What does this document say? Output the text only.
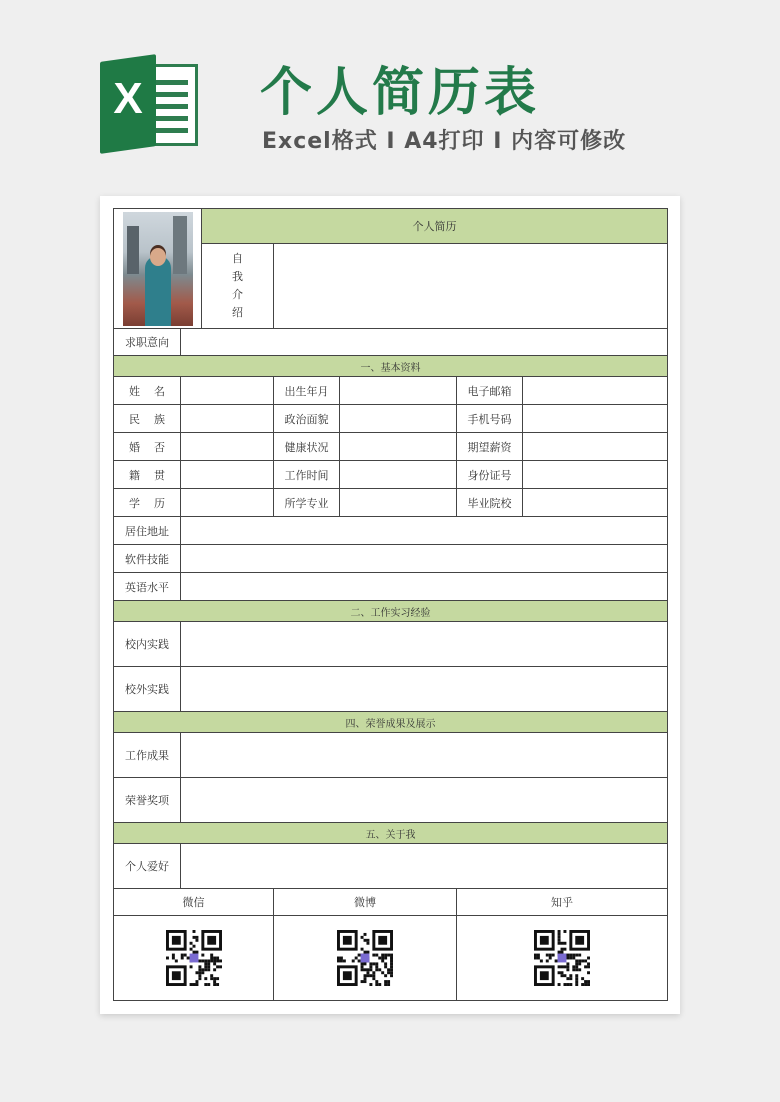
X 个人简历表
Excel格式 I A4打印 I 内容可修改
		个人简历				

		自我介绍				

求职意向						
一、基本资料						
姓名			出生年月		电子邮箱	
民族			政治面貌		手机号码	
婚否			健康状况		期望薪资	
籍贯			工作时间		身份证号	
学历			所学专业		毕业院校	
居住地址						
软件技能						
英语水平						
二、工作实习经验						
校内实践						
校外实践						
四、荣誉成果及展示						
工作成果						
荣誉奖项						
五、关于我						
个人爱好						
微信			微博		知乎	
